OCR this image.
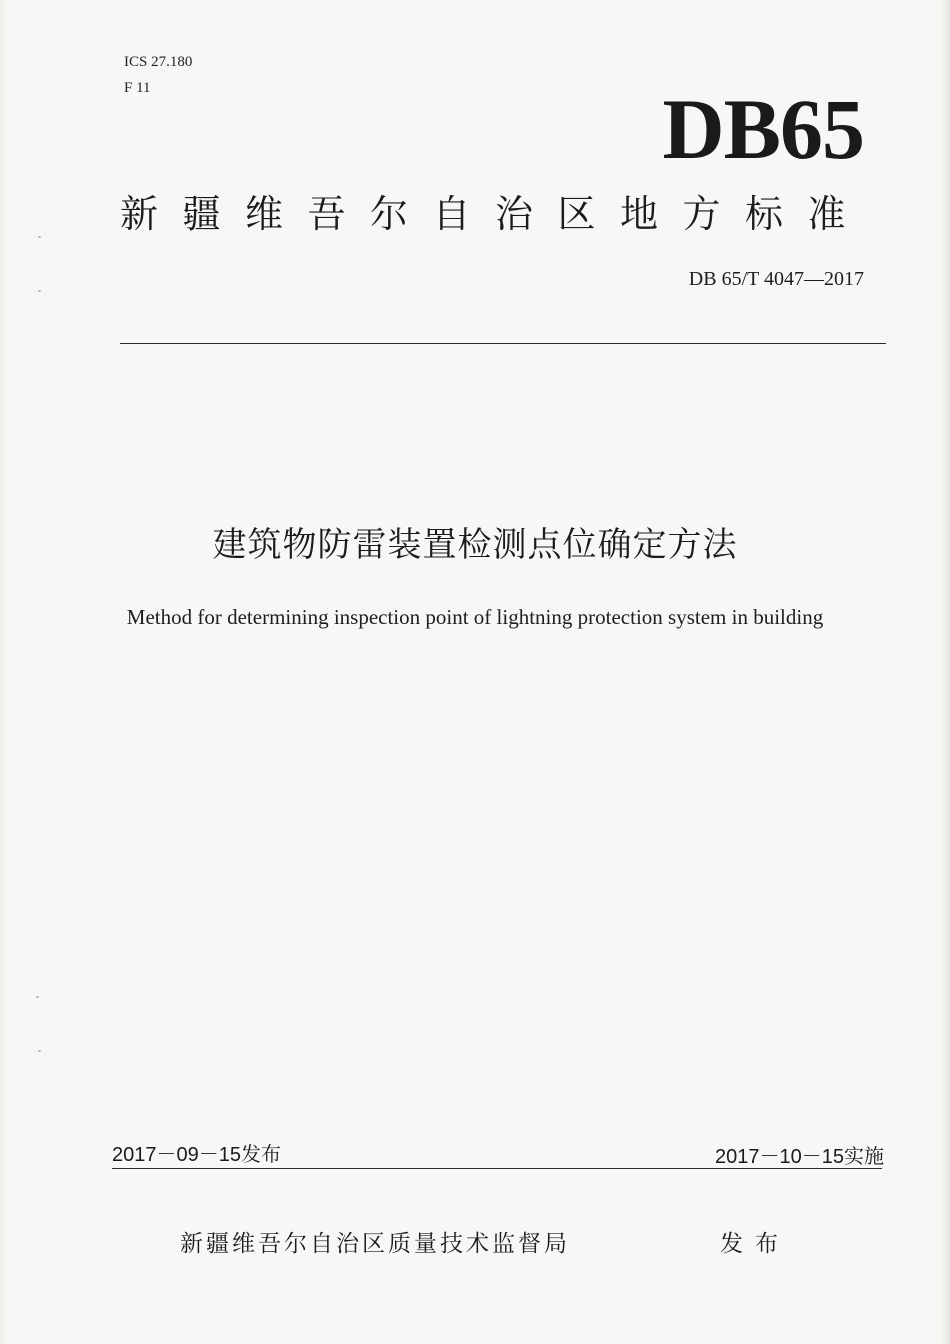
ICS 27.180
F 11	DB65
新疆维吾尔自治区地方标准
DB 65/T 4047—2017
建筑物防雷装置检测点位确定方法
Method for determining inspection point of lightning protection system in building
2017－09－15发布	2017－10－15实施
新疆维吾尔自治区质量技术监督局	发布
